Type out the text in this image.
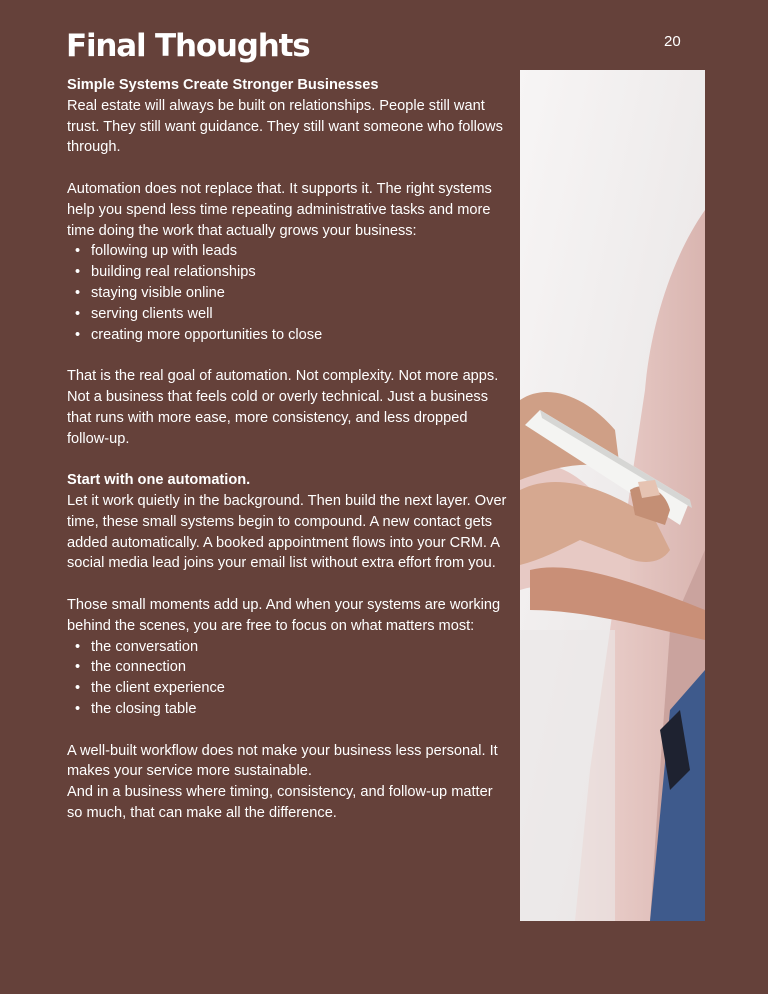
20
Final Thoughts

Simple Systems Create Stronger Businesses

Real estate will always be built on relationships. People still want trust. They still want guidance. They still want someone who follows through.

Automation does not replace that. It supports it. The right systems help you spend less time repeating administrative tasks and more time doing the work that actually grows your business:

• following up with leads
• building real relationships
• staying visible online
• serving clients well
• creating more opportunities to close

That is the real goal of automation. Not complexity. Not more apps. Not a business that feels cold or overly technical. Just a business that runs with more ease, more consistency, and less dropped follow-up.

Start with one automation.

Let it work quietly in the background. Then build the next layer. Over time, these small systems begin to compound. A new contact gets added automatically. A booked appointment flows into your CRM. A social media lead joins your email list without extra effort from you.

Those small moments add up. And when your systems are working behind the scenes, you are free to focus on what matters most:

• the conversation
• the connection
• the client experience
• the closing table

A well-built workflow does not make your business less personal. It makes your service more sustainable.

And in a business where timing, consistency, and follow-up matter so much, that can make all the difference.
